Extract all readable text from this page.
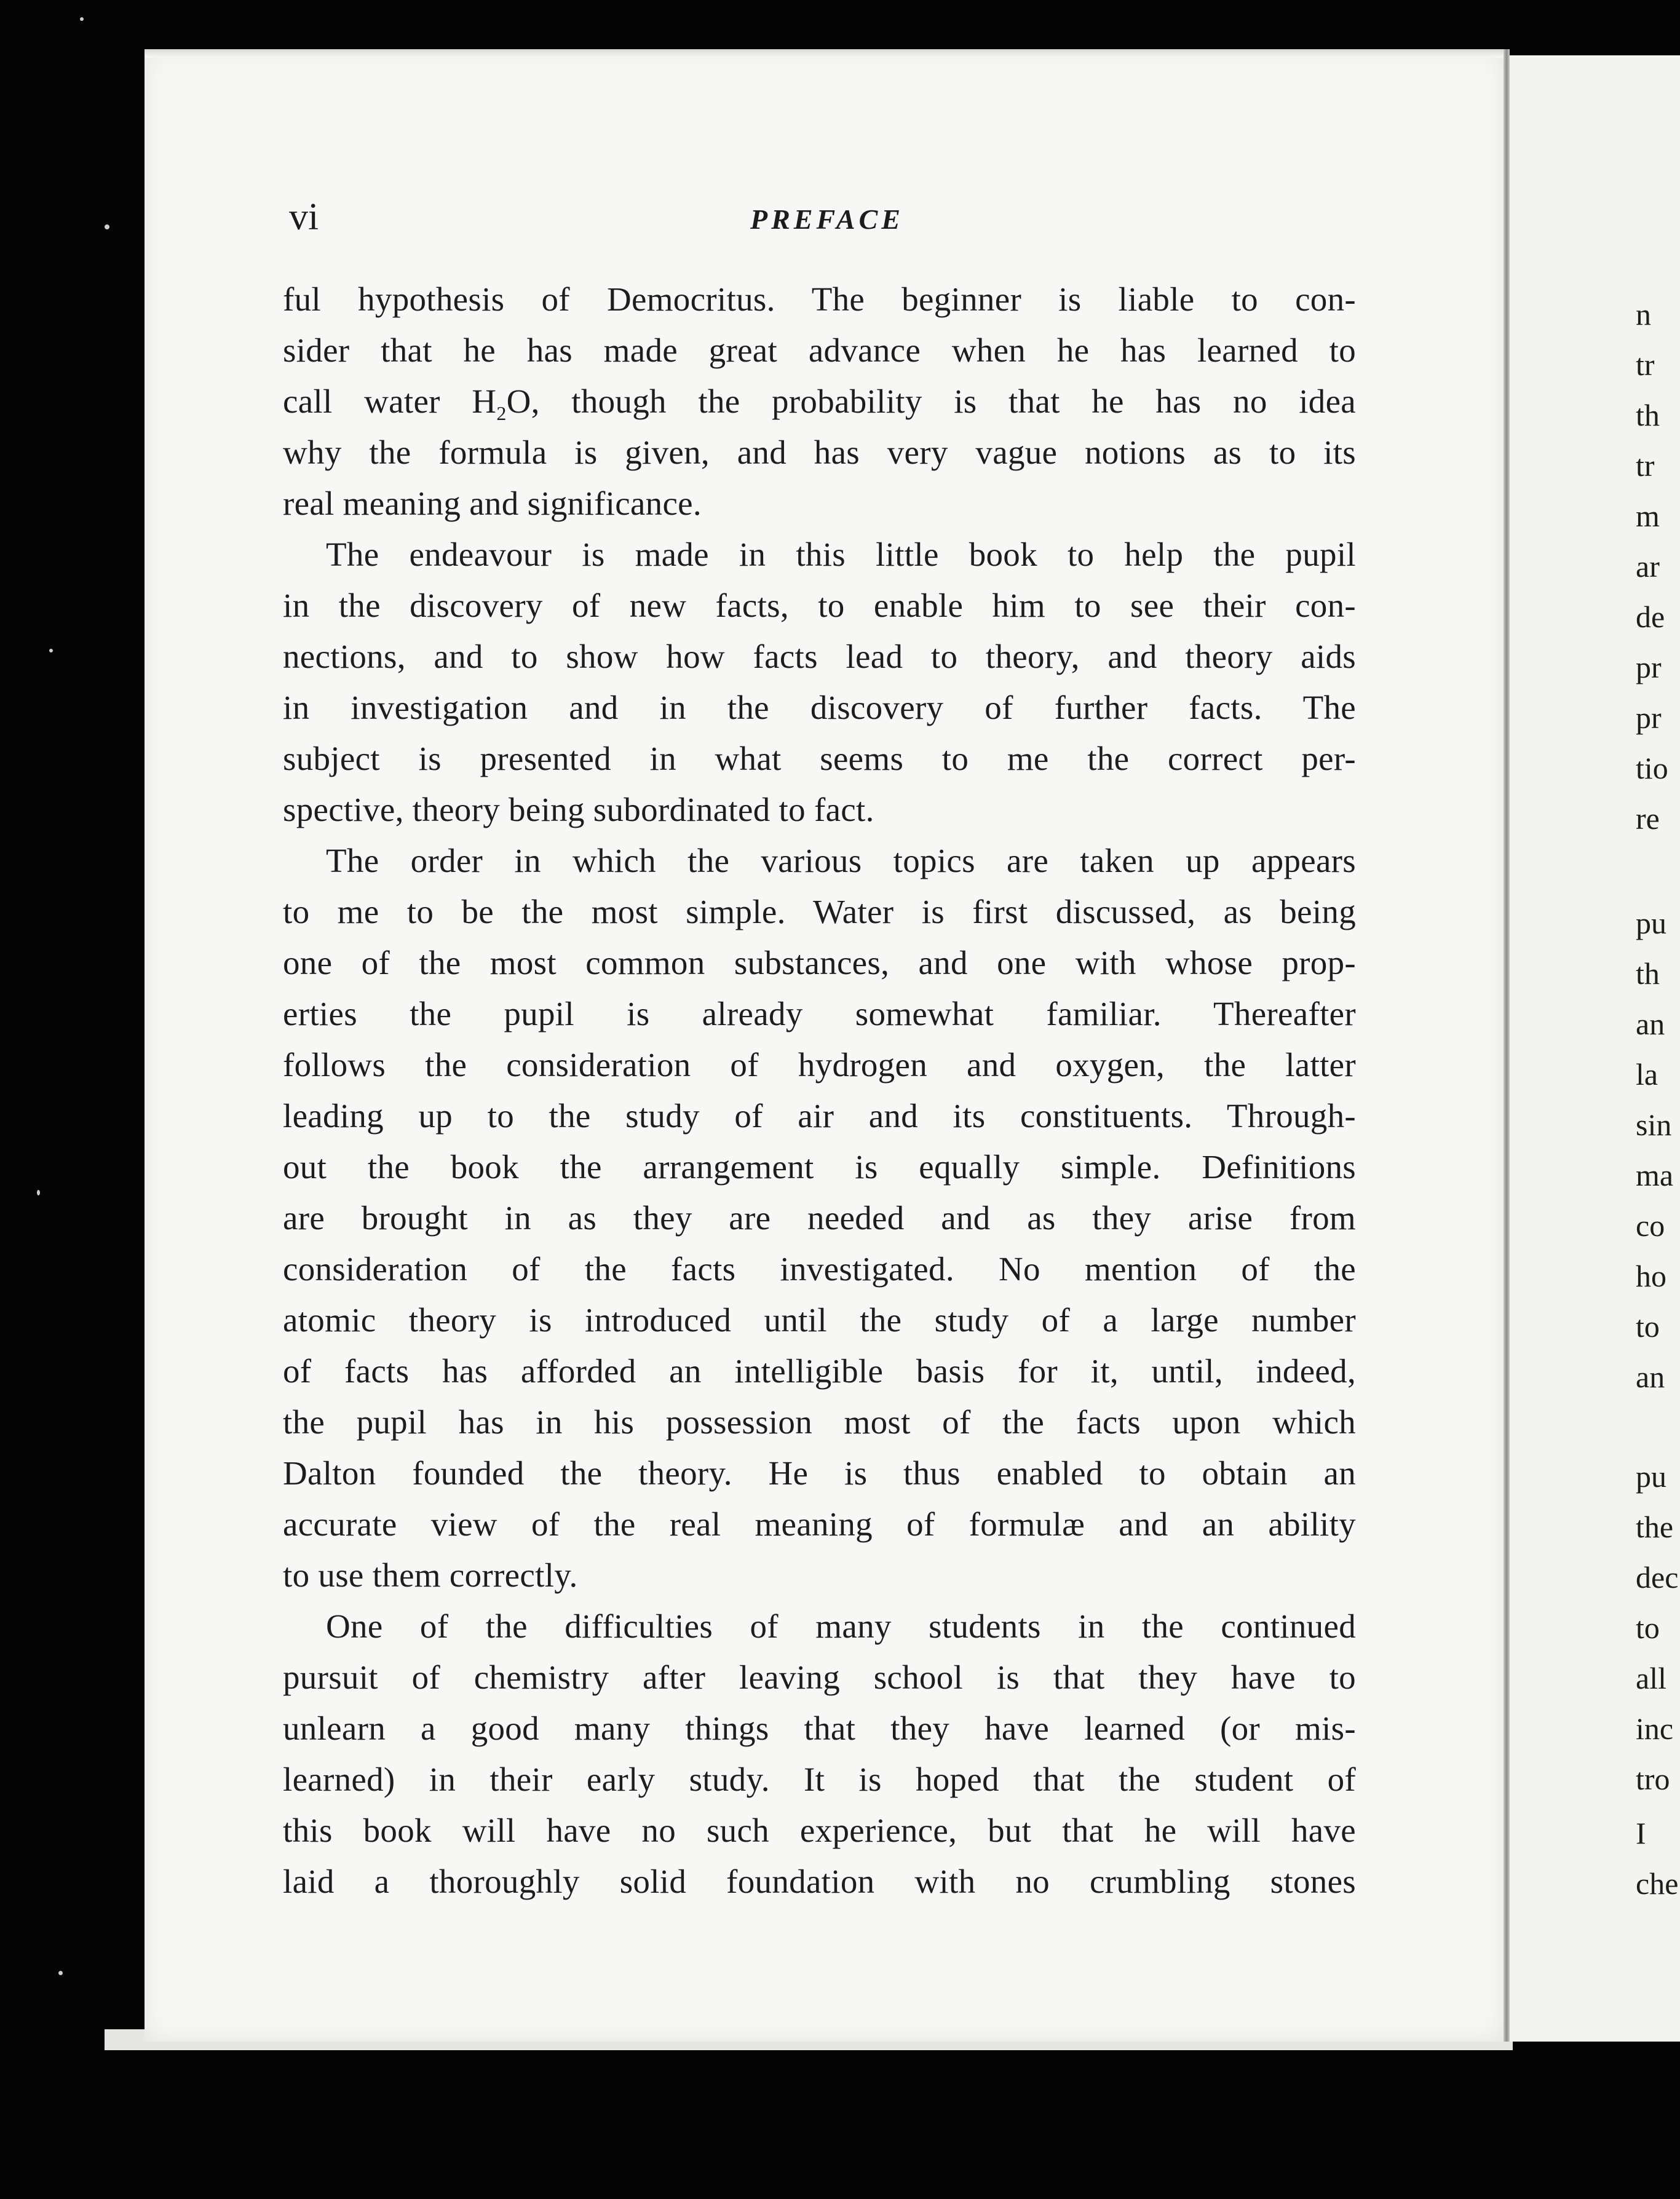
vi	PREFACE
ful hypothesis of Democritus. The beginner is liable to con-
sider that he has made great advance when he has learned to
call water $H_2O$, though the probability is that he has no idea
why the formula is given, and has very vague notions as to its
real meaning and significance.
The endeavour is made in this little book to help the pupil
in the discovery of new facts, to enable him to see their con-
nections, and to show how facts lead to theory, and theory aids
in investigation and in the discovery of further facts. The
subject is presented in what seems to me the correct per-
spective, theory being subordinated to fact.
The order in which the various topics are taken up appears
to me to be the most simple. Water is first discussed, as being
one of the most common substances, and one with whose prop-
erties the pupil is already somewhat familiar. Thereafter
follows the consideration of hydrogen and oxygen, the latter
leading up to the study of air and its constituents. Through-
out the book the arrangement is equally simple. Definitions
are brought in as they are needed and as they arise from
consideration of the facts investigated. No mention of the
atomic theory is introduced until the study of a large number
of facts has afforded an intelligible basis for it, until, indeed,
the pupil has in his possession most of the facts upon which
Dalton founded the theory. He is thus enabled to obtain an
accurate view of the real meaning of formulæ and an ability
to use them correctly.
One of the difficulties of many students in the continued
pursuit of chemistry after leaving school is that they have to
unlearn a good many things that they have learned (or mis-
learned) in their early study. It is hoped that the student of
this book will have no such experience, but that he will have
laid a thoroughly solid foundation with no crumbling stones
n
tr
th
tr
m
ar
de
pr
pr
tio
re
pu
th
an
la
sin
ma
co
ho
to
an
pu
the
dec
to
all
inc
tro
I
che
